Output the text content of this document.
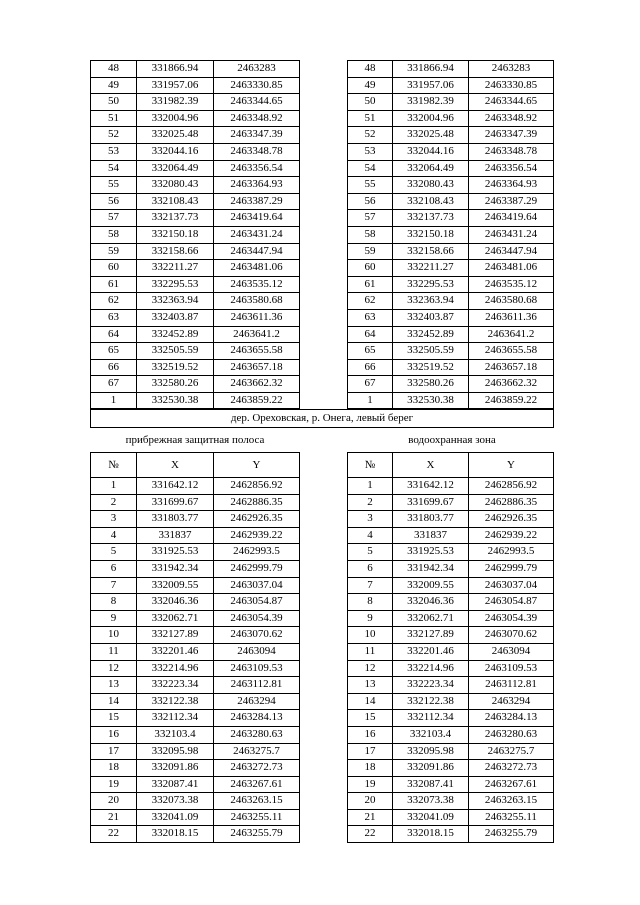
48	331866.94	2463283
49	331957.06	2463330.85
50	331982.39	2463344.65
51	332004.96	2463348.92
52	332025.48	2463347.39
53	332044.16	2463348.78
54	332064.49	2463356.54
55	332080.43	2463364.93
56	332108.43	2463387.29
57	332137.73	2463419.64
58	332150.18	2463431.24
59	332158.66	2463447.94
60	332211.27	2463481.06
61	332295.53	2463535.12
62	332363.94	2463580.68
63	332403.87	2463611.36
64	332452.89	2463641.2
65	332505.59	2463655.58
66	332519.52	2463657.18
67	332580.26	2463662.32
1	332530.38	2463859.22
48	331866.94	2463283
49	331957.06	2463330.85
50	331982.39	2463344.65
51	332004.96	2463348.92
52	332025.48	2463347.39
53	332044.16	2463348.78
54	332064.49	2463356.54
55	332080.43	2463364.93
56	332108.43	2463387.29
57	332137.73	2463419.64
58	332150.18	2463431.24
59	332158.66	2463447.94
60	332211.27	2463481.06
61	332295.53	2463535.12
62	332363.94	2463580.68
63	332403.87	2463611.36
64	332452.89	2463641.2
65	332505.59	2463655.58
66	332519.52	2463657.18
67	332580.26	2463662.32
1	332530.38	2463859.22
дер. Ореховская, р. Онега, левый берег
прибрежная защитная полоса	водоохранная зона
№	X	Y
1	331642.12	2462856.92
2	331699.67	2462886.35
3	331803.77	2462926.35
4	331837	2462939.22
5	331925.53	2462993.5
6	331942.34	2462999.79
7	332009.55	2463037.04
8	332046.36	2463054.87
9	332062.71	2463054.39
10	332127.89	2463070.62
11	332201.46	2463094
12	332214.96	2463109.53
13	332223.34	2463112.81
14	332122.38	2463294
15	332112.34	2463284.13
16	332103.4	2463280.63
17	332095.98	2463275.7
18	332091.86	2463272.73
19	332087.41	2463267.61
20	332073.38	2463263.15
21	332041.09	2463255.11
22	332018.15	2463255.79
№	X	Y
1	331642.12	2462856.92
2	331699.67	2462886.35
3	331803.77	2462926.35
4	331837	2462939.22
5	331925.53	2462993.5
6	331942.34	2462999.79
7	332009.55	2463037.04
8	332046.36	2463054.87
9	332062.71	2463054.39
10	332127.89	2463070.62
11	332201.46	2463094
12	332214.96	2463109.53
13	332223.34	2463112.81
14	332122.38	2463294
15	332112.34	2463284.13
16	332103.4	2463280.63
17	332095.98	2463275.7
18	332091.86	2463272.73
19	332087.41	2463267.61
20	332073.38	2463263.15
21	332041.09	2463255.11
22	332018.15	2463255.79
